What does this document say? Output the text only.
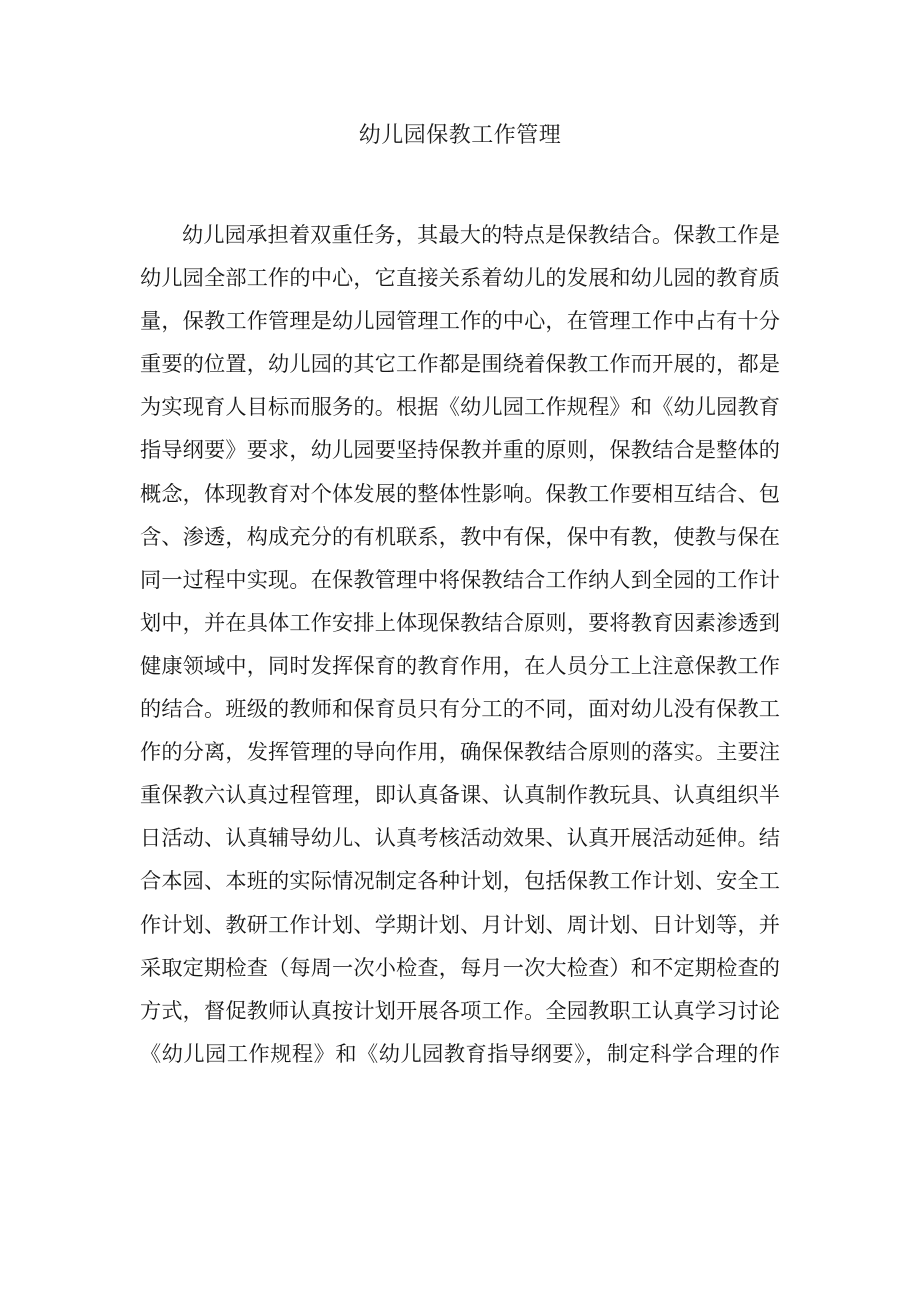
幼儿园保教工作管理
幼儿园承担着双重任务，其最大的特点是保教结合。保教工作是
幼儿园全部工作的中心，它直接关系着幼儿的发展和幼儿园的教育质
量，保教工作管理是幼儿园管理工作的中心，在管理工作中占有十分
重要的位置，幼儿园的其它工作都是围绕着保教工作而开展的，都是
为实现育人目标而服务的。根据《幼儿园工作规程》和《幼儿园教育
指导纲要》要求，幼儿园要坚持保教并重的原则，保教结合是整体的
概念，体现教育对个体发展的整体性影响。保教工作要相互结合、包
含、渗透，构成充分的有机联系，教中有保，保中有教，使教与保在
同一过程中实现。在保教管理中将保教结合工作纳人到全园的工作计
划中，并在具体工作安排上体现保教结合原则，要将教育因素渗透到
健康领域中，同时发挥保育的教育作用，在人员分工上注意保教工作
的结合。班级的教师和保育员只有分工的不同，面对幼儿没有保教工
作的分离，发挥管理的导向作用，确保保教结合原则的落实。主要注
重保教六认真过程管理，即认真备课、认真制作教玩具、认真组织半
日活动、认真辅导幼儿、认真考核活动效果、认真开展活动延伸。结
合本园、本班的实际情况制定各种计划，包括保教工作计划、安全工
作计划、教研工作计划、学期计划、月计划、周计划、日计划等，并
采取定期检查（每周一次小检查，每月一次大检查）和不定期检查的
方式，督促教师认真按计划开展各项工作。全园教职工认真学习讨论
《幼儿园工作规程》和《幼儿园教育指导纲要》，制定科学合理的作
